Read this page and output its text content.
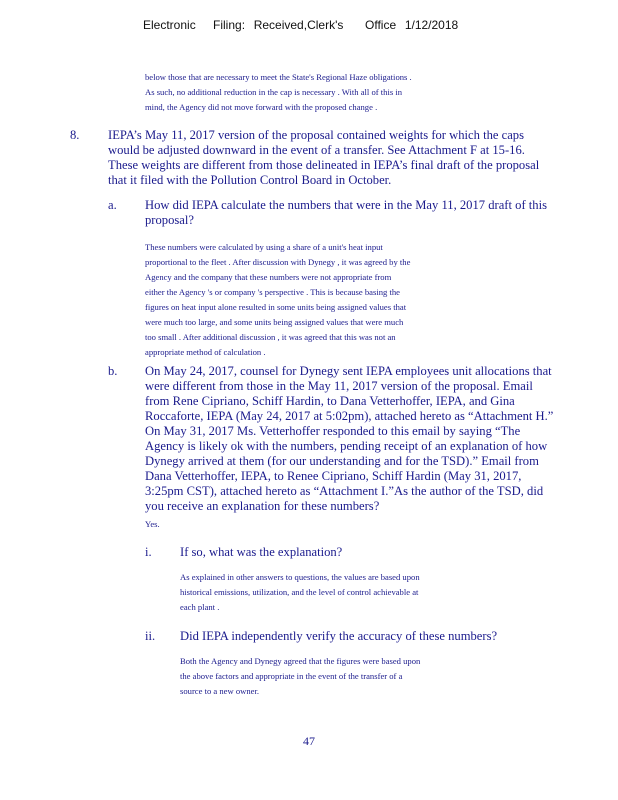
Electronic    Filing:  Received,Clerk's     Office  1/12/2018
below those that are necessary to meet the State's Regional Haze obligations .
As such, no additional reduction in the cap is necessary . With all of this in
mind, the Agency did not move forward with the proposed change .
8. IEPA’s May 11, 2017 version of the proposal contained weights for which the caps
would be adjusted downward in the event of a transfer. See Attachment F at 15-16.
These weights are different from those delineated in IEPA’s final draft of the proposal
that it filed with the Pollution Control Board in October.
a. How did IEPA calculate the numbers that were in the May 11, 2017 draft of this
proposal?
These numbers were calculated by using a share of a unit's heat input
proportional to the fleet . After discussion with Dynegy , it was agreed by the
Agency and the company that these numbers were not appropriate from
either the Agency 's or company 's perspective . This is because basing the
figures on heat input alone resulted in some units being assigned values that
were much too large, and some units being assigned values that were much
too small . After additional discussion , it was agreed that this was not an
appropriate method of calculation .
b. On May 24, 2017, counsel for Dynegy sent IEPA employees unit allocations that
were different from those in the May 11, 2017 version of the proposal. Email
from Rene Cipriano, Schiff Hardin, to Dana Vetterhoffer, IEPA, and Gina
Roccaforte, IEPA (May 24, 2017 at 5:02pm), attached hereto as “Attachment H.”
On May 31, 2017 Ms. Vetterhoffer responded to this email by saying “The
Agency is likely ok with the numbers, pending receipt of an explanation of how
Dynegy arrived at them (for our understanding and for the TSD).” Email from
Dana Vetterhoffer, IEPA, to Renee Cipriano, Schiff Hardin (May 31, 2017,
3:25pm CST), attached hereto as “Attachment I.”As the author of the TSD, did
you receive an explanation for these numbers?
Yes.
i. If so, what was the explanation?
As explained in other answers to questions, the values are based upon
historical emissions, utilization, and the level of control achievable at
each plant .
ii. Did IEPA independently verify the accuracy of these numbers?
Both the Agency and Dynegy agreed that the figures were based upon
the above factors and appropriate in the event of the transfer of a
source to a new owner.
47
